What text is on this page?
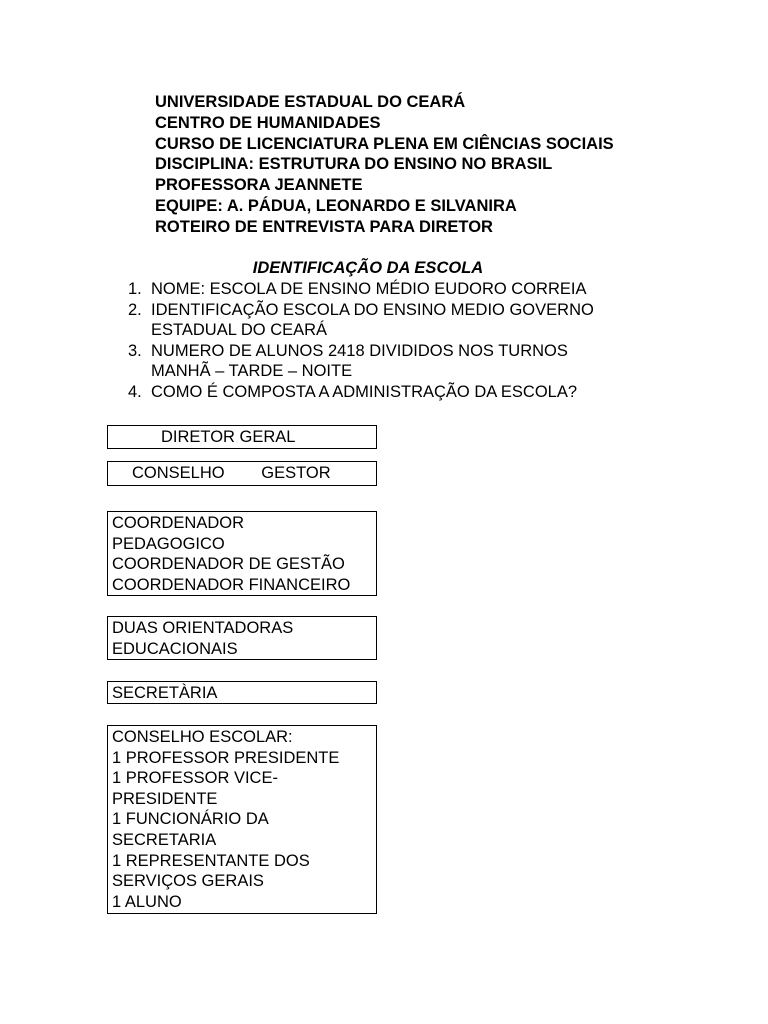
UNIVERSIDADE ESTADUAL DO CEARÁ
CENTRO DE HUMANIDADES
CURSO DE LICENCIATURA PLENA EM CIÊNCIAS SOCIAIS
DISCIPLINA: ESTRUTURA DO ENSINO NO BRASIL
PROFESSORA JEANNETE
EQUIPE: A. PÁDUA, LEONARDO E SILVANIRA
ROTEIRO DE ENTREVISTA PARA DIRETOR
IDENTIFICAÇÃO DA ESCOLA
1. NOME: ESCOLA DE ENSINO MÉDIO EUDORO CORREIA
2. IDENTIFICAÇÃO ESCOLA DO ENSINO MEDIO GOVERNO
ESTADUAL DO CEARÁ
3. NUMERO DE ALUNOS 2418 DIVIDIDOS NOS TURNOS
MANHÃ – TARDE – NOITE
4. COMO É COMPOSTA A ADMINISTRAÇÃO DA ESCOLA?
DIRETOR GERAL
CONSELHO        GESTOR
COORDENADOR
PEDAGOGICO
COORDENADOR DE GESTÃO
COORDENADOR FINANCEIRO
DUAS ORIENTADORAS
EDUCACIONAIS
SECRETÀRIA
CONSELHO ESCOLAR:
1 PROFESSOR PRESIDENTE
1 PROFESSOR VICE-
PRESIDENTE
1 FUNCIONÁRIO DA
SECRETARIA
1 REPRESENTANTE DOS
SERVIÇOS GERAIS
1 ALUNO
